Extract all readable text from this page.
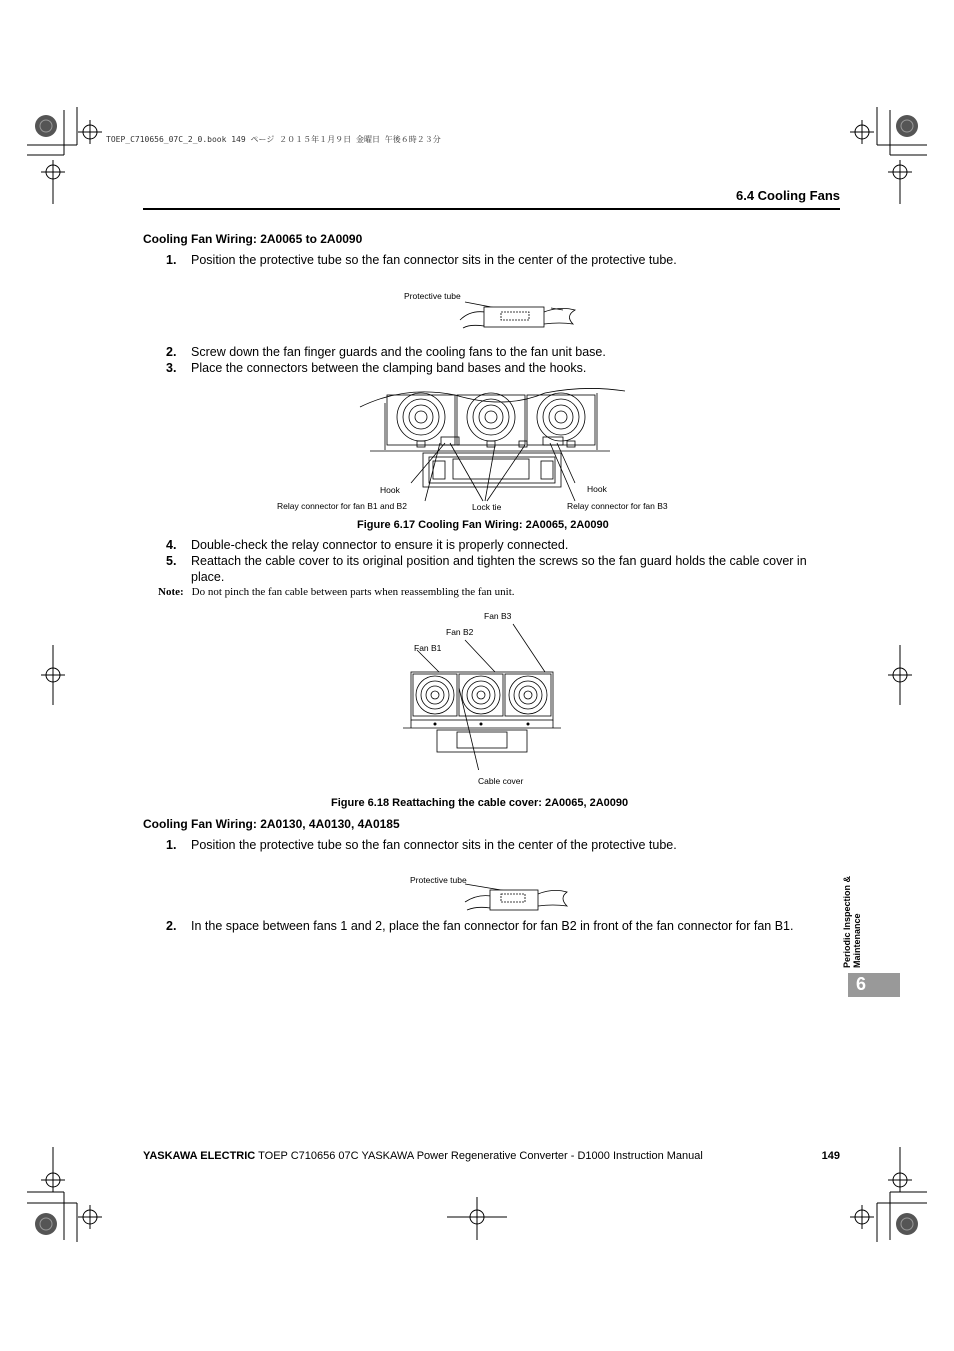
TOEP_C710656_07C_2_0.book 149 ページ ２０１５年１月９日 金曜日 午後６時２３分
6.4 Cooling Fans
Cooling Fan Wiring: 2A0065 to 2A0090
1. Position the protective tube so the fan connector sits in the center of the protective tube.
Protective tube
2. Screw down the fan finger guards and the cooling fans to the fan unit base.
3. Place the connectors between the clamping band bases and the hooks.
Hook	Hook
Relay connector for fan B1 and B2	Lock tie	Relay connector for fan B3
Figure 6.17 Cooling Fan Wiring: 2A0065, 2A0090
4. Double-check the relay connector to ensure it is properly connected.
5. Reattach the cable cover to its original position and tighten the screws so the fan guard holds the cable cover in place.
Note: Do not pinch the fan cable between parts when reassembling the fan unit.
Fan B3
Fan B2
Fan B1
Cable cover
Figure 6.18 Reattaching the cable cover: 2A0065, 2A0090
Cooling Fan Wiring: 2A0130, 4A0130, 4A0185
1. Position the protective tube so the fan connector sits in the center of the protective tube.
Protective tube
2. In the space between fans 1 and 2, place the fan connector for fan B2 in front of the fan connector for fan B1.	Periodic Inspection & Maintenance
6
YASKAWA ELECTRIC TOEP C710656 07C YASKAWA Power Regenerative Converter - D1000 Instruction Manual	149
